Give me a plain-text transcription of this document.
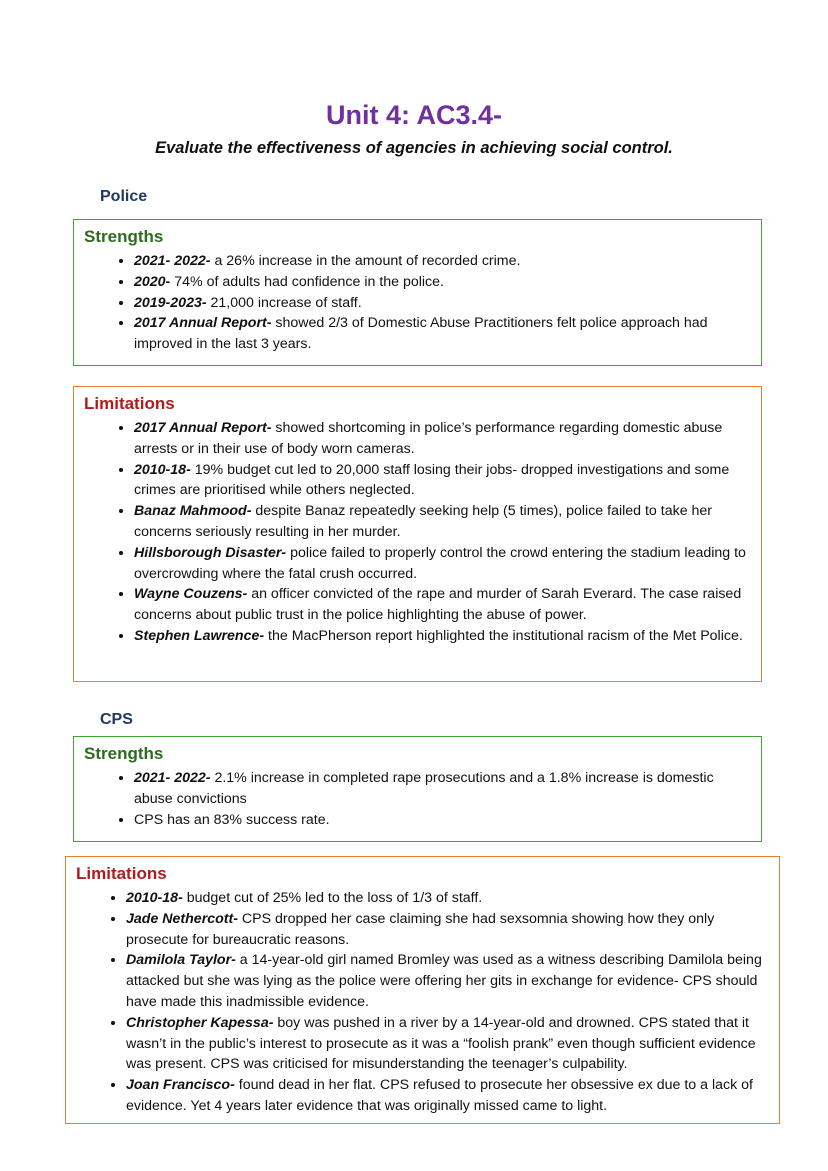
Unit 4: AC3.4-
Evaluate the effectiveness of agencies in achieving social control.
Police
Strengths
• 2021- 2022- a 26% increase in the amount of recorded crime.
• 2020- 74% of adults had confidence in the police.
• 2019-2023- 21,000 increase of staff.
• 2017 Annual Report- showed 2/3 of Domestic Abuse Practitioners felt police approach had improved in the last 3 years.
Limitations
• 2017 Annual Report- showed shortcoming in police’s performance regarding domestic abuse arrests or in their use of body worn cameras.
• 2010-18- 19% budget cut led to 20,000 staff losing their jobs- dropped investigations and some crimes are prioritised while others neglected.
• Banaz Mahmood- despite Banaz repeatedly seeking help (5 times), police failed to take her concerns seriously resulting in her murder.
• Hillsborough Disaster- police failed to properly control the crowd entering the stadium leading to overcrowding where the fatal crush occurred.
• Wayne Couzens- an officer convicted of the rape and murder of Sarah Everard. The case raised concerns about public trust in the police highlighting the abuse of power.
• Stephen Lawrence- the MacPherson report highlighted the institutional racism of the Met Police.
CPS
Strengths
• 2021- 2022- 2.1% increase in completed rape prosecutions and a 1.8% increase is domestic abuse convictions
• CPS has an 83% success rate.
Limitations
• 2010-18- budget cut of 25% led to the loss of 1/3 of staff.
• Jade Nethercott- CPS dropped her case claiming she had sexsomnia showing how they only prosecute for bureaucratic reasons.
• Damilola Taylor- a 14-year-old girl named Bromley was used as a witness describing Damilola being attacked but she was lying as the police were offering her gits in exchange for evidence- CPS should have made this inadmissible evidence.
• Christopher Kapessa- boy was pushed in a river by a 14-year-old and drowned. CPS stated that it wasn’t in the public’s interest to prosecute as it was a “foolish prank” even though sufficient evidence was present. CPS was criticised for misunderstanding the teenager’s culpability.
• Joan Francisco- found dead in her flat. CPS refused to prosecute her obsessive ex due to a lack of evidence. Yet 4 years later evidence that was originally missed came to light.
